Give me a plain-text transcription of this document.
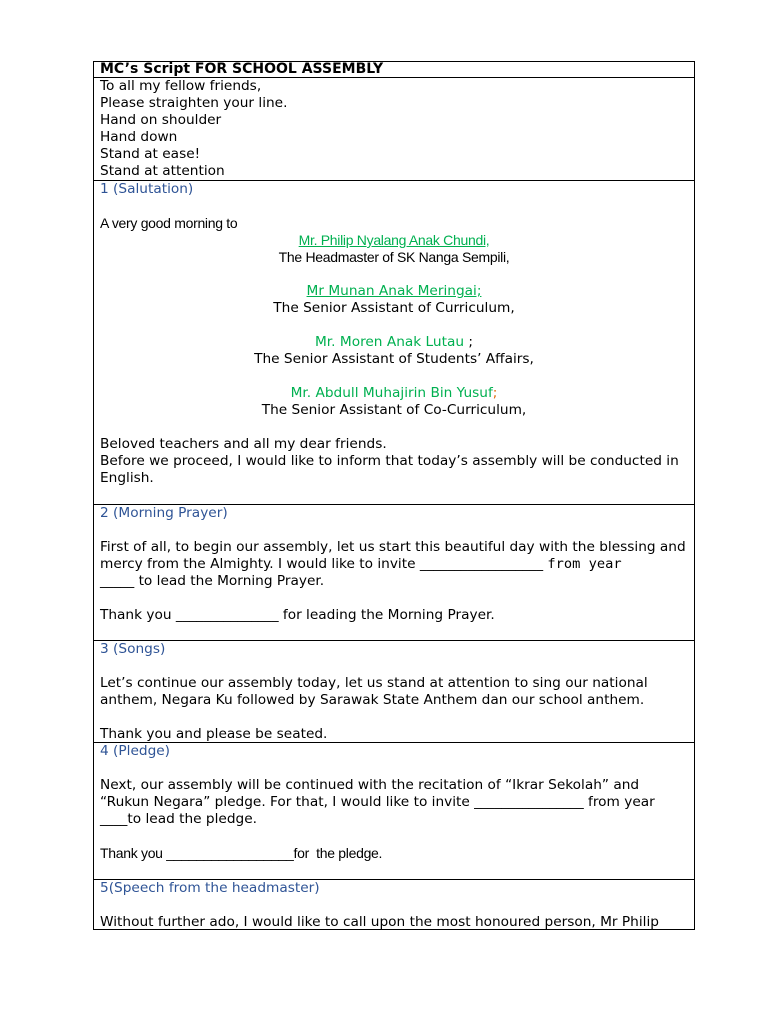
MC’s Script FOR SCHOOL ASSEMBLY
To all my fellow friends,
Please straighten your line.
Hand on shoulder
Hand down
Stand at ease!
Stand at attention
1 (Salutation)
A very good morning to
Mr. Philip Nyalang Anak Chundi,
The Headmaster of SK Nanga Sempili,
Mr Munan Anak Meringai;
The Senior Assistant of Curriculum,
Mr. Moren Anak Lutau ;
The Senior Assistant of Students’ Affairs,
Mr. Abdull Muhajirin Bin Yusuf;
The Senior Assistant of Co-Curriculum,
Beloved teachers and all my dear friends.
Before we proceed, I would like to inform that today’s assembly will be conducted in
English.
2 (Morning Prayer)
First of all, to begin our assembly, let us start this beautiful day with the blessing and
mercy from the Almighty. I would like to invite __________________ from year
_____ to lead the Morning Prayer.
Thank you _______________ for leading the Morning Prayer.
3 (Songs)
Let’s continue our assembly today, let us stand at attention to sing our national
anthem, Negara Ku followed by Sarawak State Anthem dan our school anthem.
Thank you and please be seated.
4 (Pledge)
Next, our assembly will be continued with the recitation of “Ikrar Sekolah” and
“Rukun Negara” pledge. For that, I would like to invite ________________ from year
____to lead the pledge.
Thank you _________________for  the pledge.
5(Speech from the headmaster)
Without further ado, I would like to call upon the most honoured person, Mr Philip
